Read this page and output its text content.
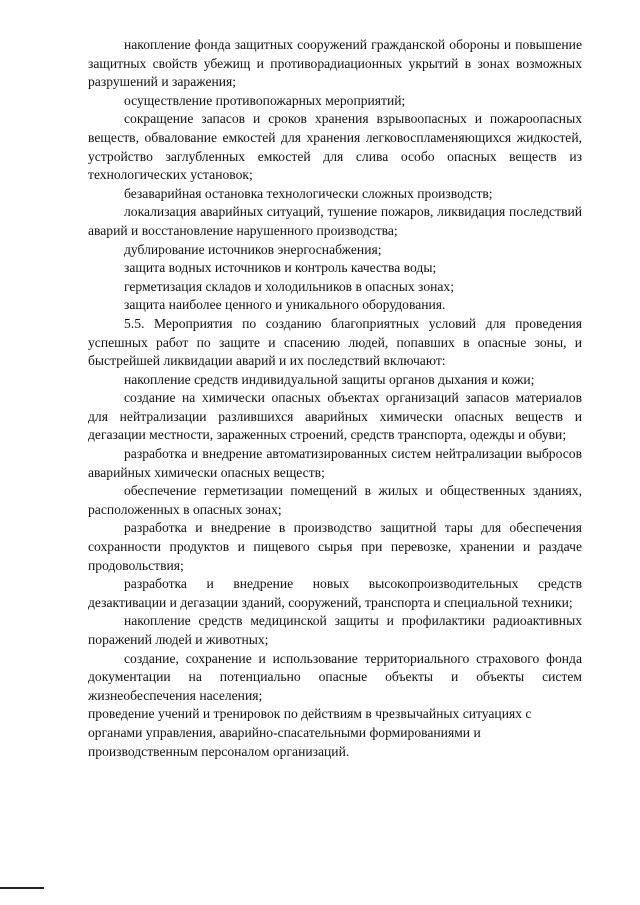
накопление фонда защитных сооружений гражданской обороны и повышение защитных свойств убежищ и противорадиационных укрытий в зонах возможных разрушений и заражения;

осуществление противопожарных мероприятий;

сокращение запасов и сроков хранения взрывоопасных и пожароопасных веществ, обвалование емкостей для хранения легковоспламеняющихся жидкостей, устройство заглубленных емкостей для слива особо опасных веществ из технологических установок;

безаварийная остановка технологически сложных производств;

локализация аварийных ситуаций, тушение пожаров, ликвидация последствий аварий и восстановление нарушенного производства;

дублирование источников энергоснабжения;

защита водных источников и контроль качества воды;

герметизация складов и холодильников в опасных зонах;

защита наиболее ценного и уникального оборудования.

5.5. Мероприятия по созданию благоприятных условий для проведения успешных работ по защите и спасению людей, попавших в опасные зоны, и быстрейшей ликвидации аварий и их последствий включают:

накопление средств индивидуальной защиты органов дыхания и кожи;

создание на химически опасных объектах организаций запасов материалов для нейтрализации разлившихся аварийных химически опасных веществ и дегазации местности, зараженных строений, средств транспорта, одежды и обуви;

разработка и внедрение автоматизированных систем нейтрализации выбросов аварийных химически опасных веществ;

обеспечение герметизации помещений в жилых и общественных зданиях, расположенных в опасных зонах;

разработка и внедрение в производство защитной тары для обеспечения сохранности продуктов и пищевого сырья при перевозке, хранении и раздаче продовольствия;

разработка и внедрение новых высокопроизводительных средств дезактивации и дегазации зданий, сооружений, транспорта и специальной техники;

накопление средств медицинской защиты и профилактики радиоактивных поражений людей и животных;

создание, сохранение и использование территориального страхового фонда документации на потенциально опасные объекты и объекты систем жизнеобеспечения населения;

проведение учений и тренировок по действиям в чрезвычайных ситуациях с органами управления, аварийно-спасательными формированиями и производственным персоналом организаций.
